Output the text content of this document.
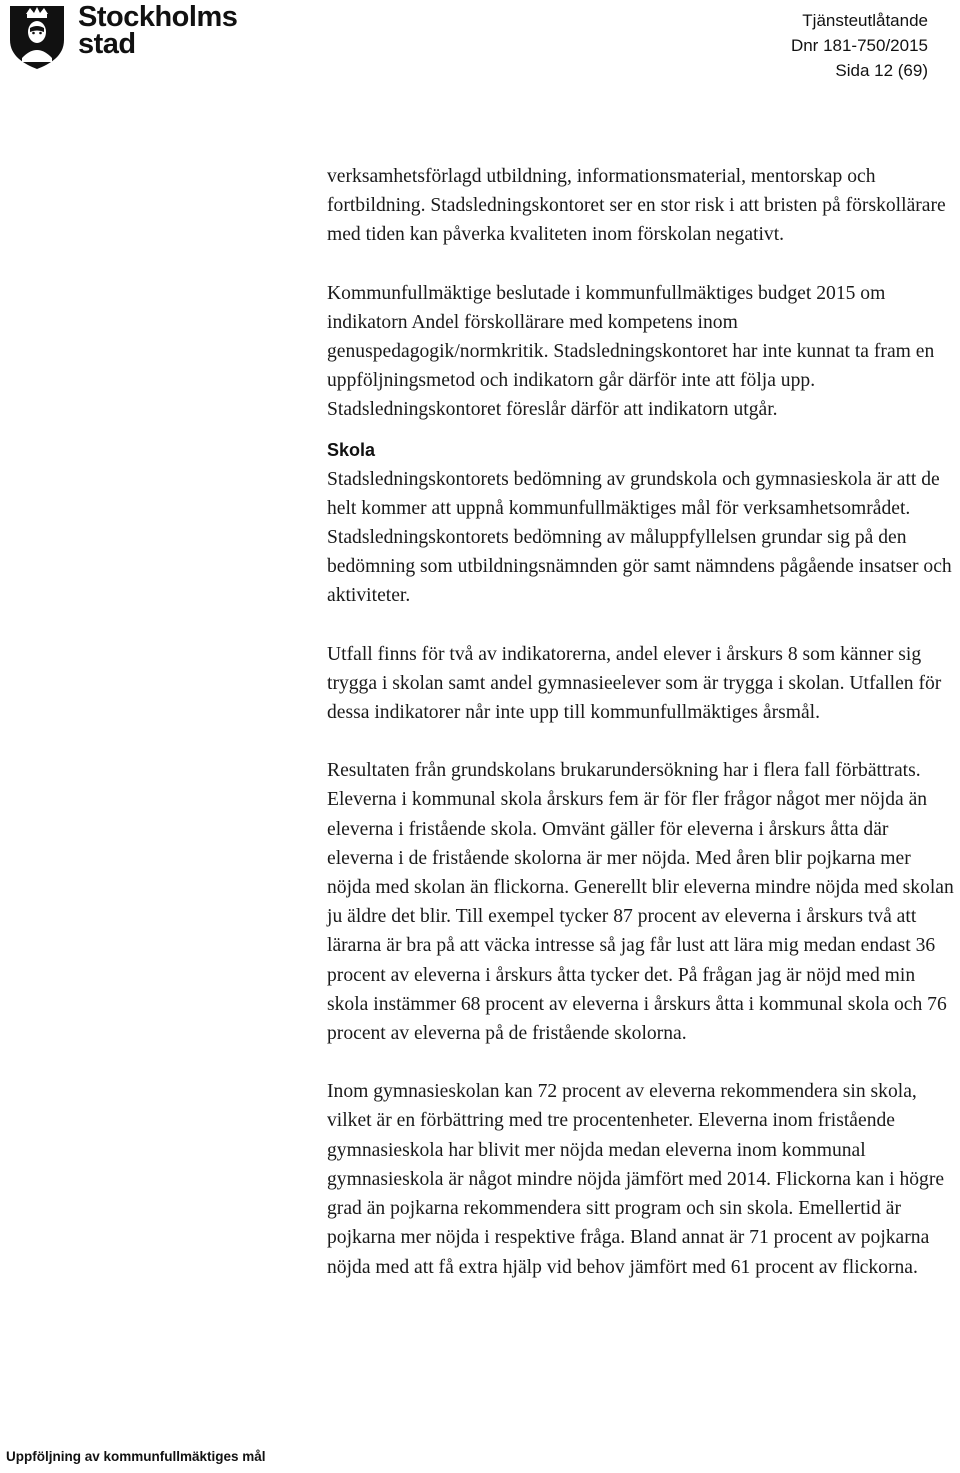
Stockholms
stad
Tjänsteutlåtande
Dnr 181-750/2015
Sida 12 (69)

verksamhetsförlagd utbildning, informationsmaterial, mentorskap och fortbildning. Stadsledningskontoret ser en stor risk i att bristen på förskollärare med tiden kan påverka kvaliteten inom förskolan negativt.

Kommunfullmäktige beslutade i kommunfullmäktiges budget 2015 om indikatorn Andel förskollärare med kompetens inom genuspedagogik/normkritik. Stadsledningskontoret har inte kunnat ta fram en uppföljningsmetod och indikatorn går därför inte att följa upp. Stadsledningskontoret föreslår därför att indikatorn utgår.

Skola

Stadsledningskontorets bedömning av grundskola och gymnasieskola är att de helt kommer att uppnå kommunfullmäktiges mål för verksamhetsområdet. Stadsledningskontorets bedömning av måluppfyllelsen grundar sig på den bedömning som utbildningsnämnden gör samt nämndens pågående insatser och aktiviteter.

Utfall finns för två av indikatorerna, andel elever i årskurs 8 som känner sig trygga i skolan samt andel gymnasieelever som är trygga i skolan. Utfallen för dessa indikatorer når inte upp till kommunfullmäktiges årsmål.

Resultaten från grundskolans brukarundersökning har i flera fall förbättrats. Eleverna i kommunal skola årskurs fem är för fler frågor något mer nöjda än eleverna i fristående skola. Omvänt gäller för eleverna i årskurs åtta där eleverna i de fristående skolorna är mer nöjda. Med åren blir pojkarna mer nöjda med skolan än flickorna. Generellt blir eleverna mindre nöjda med skolan ju äldre det blir. Till exempel tycker 87 procent av eleverna i årskurs två att lärarna är bra på att väcka intresse så jag får lust att lära mig medan endast 36 procent av eleverna i årskurs åtta tycker det. På frågan jag är nöjd med min skola instämmer 68 procent av eleverna i årskurs åtta i kommunal skola och 76 procent av eleverna på de fristående skolorna.

Inom gymnasieskolan kan 72 procent av eleverna rekommendera sin skola, vilket är en förbättring med tre procentenheter. Eleverna inom fristående gymnasieskola har blivit mer nöjda medan eleverna inom kommunal gymnasieskola är något mindre nöjda jämfört med 2014. Flickorna kan i högre grad än pojkarna rekommendera sitt program och sin skola. Emellertid är pojkarna mer nöjda i respektive fråga. Bland annat är 71 procent av pojkarna nöjda med att få extra hjälp vid behov jämfört med 61 procent av flickorna.

Uppföljning av kommunfullmäktiges mål
